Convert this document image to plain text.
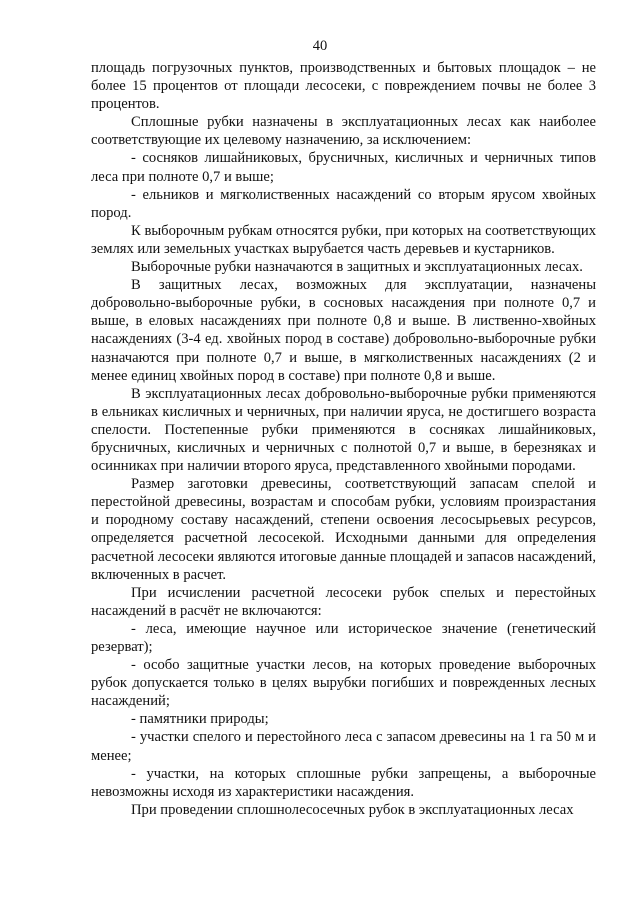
40

площадь погрузочных пунктов, производственных и бытовых площадок – не более 15 процентов от площади лесосеки, с повреждением почвы не более 3 процентов.

Сплошные рубки назначены в эксплуатационных лесах как наиболее соответствующие их целевому назначению, за исключением:

- сосняков лишайниковых, брусничных, кисличных и черничных типов леса при полноте 0,7 и выше;

- ельников и мягколиственных насаждений со вторым ярусом хвойных пород.

К выборочным рубкам относятся рубки, при которых на соответствующих землях или земельных участках вырубается часть деревьев и кустарников.

Выборочные рубки назначаются в защитных и эксплуатационных лесах.

В защитных лесах, возможных для эксплуатации, назначены добровольно-выборочные рубки, в сосновых насаждения при полноте 0,7 и выше, в еловых насаждениях при полноте 0,8 и выше. В лиственно-хвойных насаждениях (3-4 ед. хвойных пород в составе) добровольно-выборочные рубки назначаются при полноте 0,7 и выше, в мягколиственных насаждениях (2 и менее единиц хвойных пород в составе) при полноте 0,8 и выше.

В эксплуатационных лесах добровольно-выборочные рубки применяются в ельниках кисличных и черничных, при наличии яруса, не достигшего возраста спелости. Постепенные рубки применяются в сосняках лишайниковых, брусничных, кисличных и черничных с полнотой 0,7 и выше, в березняках и осинниках при наличии второго яруса, представленного хвойными породами.

Размер заготовки древесины, соответствующий запасам спелой и перестойной древесины, возрастам и способам рубки, условиям произрастания и породному составу насаждений, степени освоения лесосырьевых ресурсов, определяется расчетной лесосекой. Исходными данными для определения расчетной лесосеки являются итоговые данные площадей и запасов насаждений, включенных в расчет.

При исчислении расчетной лесосеки рубок спелых и перестойных насаждений в расчёт не включаются:

- леса, имеющие научное или историческое значение (генетический резерват);

- особо защитные участки лесов, на которых проведение выборочных рубок допускается только в целях вырубки погибших и поврежденных лесных насаждений;

- памятники природы;

- участки спелого и перестойного леса с запасом древесины на 1 га 50 м и менее;

- участки, на которых сплошные рубки запрещены, а выборочные невозможны исходя из характеристики насаждения.

При проведении сплошнолесосечных рубок в эксплуатационных лесах
